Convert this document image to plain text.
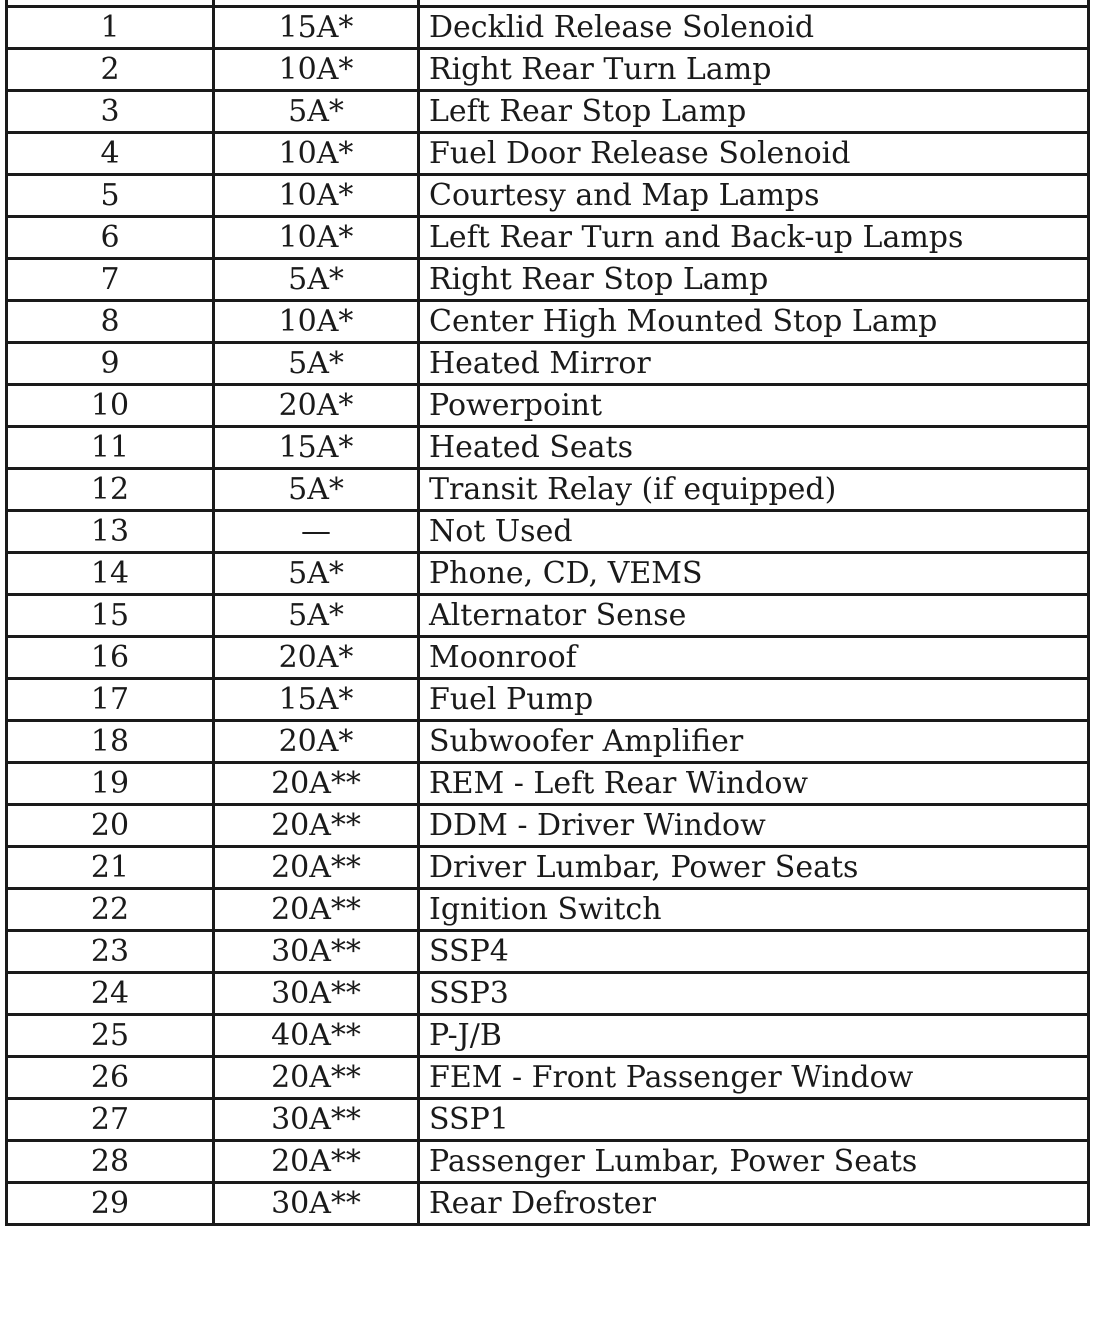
1	15A*	Decklid Release Solenoid
2	10A*	Right Rear Turn Lamp
3	5A*	Left Rear Stop Lamp
4	10A*	Fuel Door Release Solenoid
5	10A*	Courtesy and Map Lamps
6	10A*	Left Rear Turn and Back-up Lamps
7	5A*	Right Rear Stop Lamp
8	10A*	Center High Mounted Stop Lamp
9	5A*	Heated Mirror
10	20A*	Powerpoint
11	15A*	Heated Seats
12	5A*	Transit Relay (if equipped)
13	—	Not Used
14	5A*	Phone, CD, VEMS
15	5A*	Alternator Sense
16	20A*	Moonroof
17	15A*	Fuel Pump
18	20A*	Subwoofer Amplifier
19	20A**	REM - Left Rear Window
20	20A**	DDM - Driver Window
21	20A**	Driver Lumbar, Power Seats
22	20A**	Ignition Switch
23	30A**	SSP4
24	30A**	SSP3
25	40A**	P-J/B
26	20A**	FEM - Front Passenger Window
27	30A**	SSP1
28	20A**	Passenger Lumbar, Power Seats
29	30A**	Rear Defroster
